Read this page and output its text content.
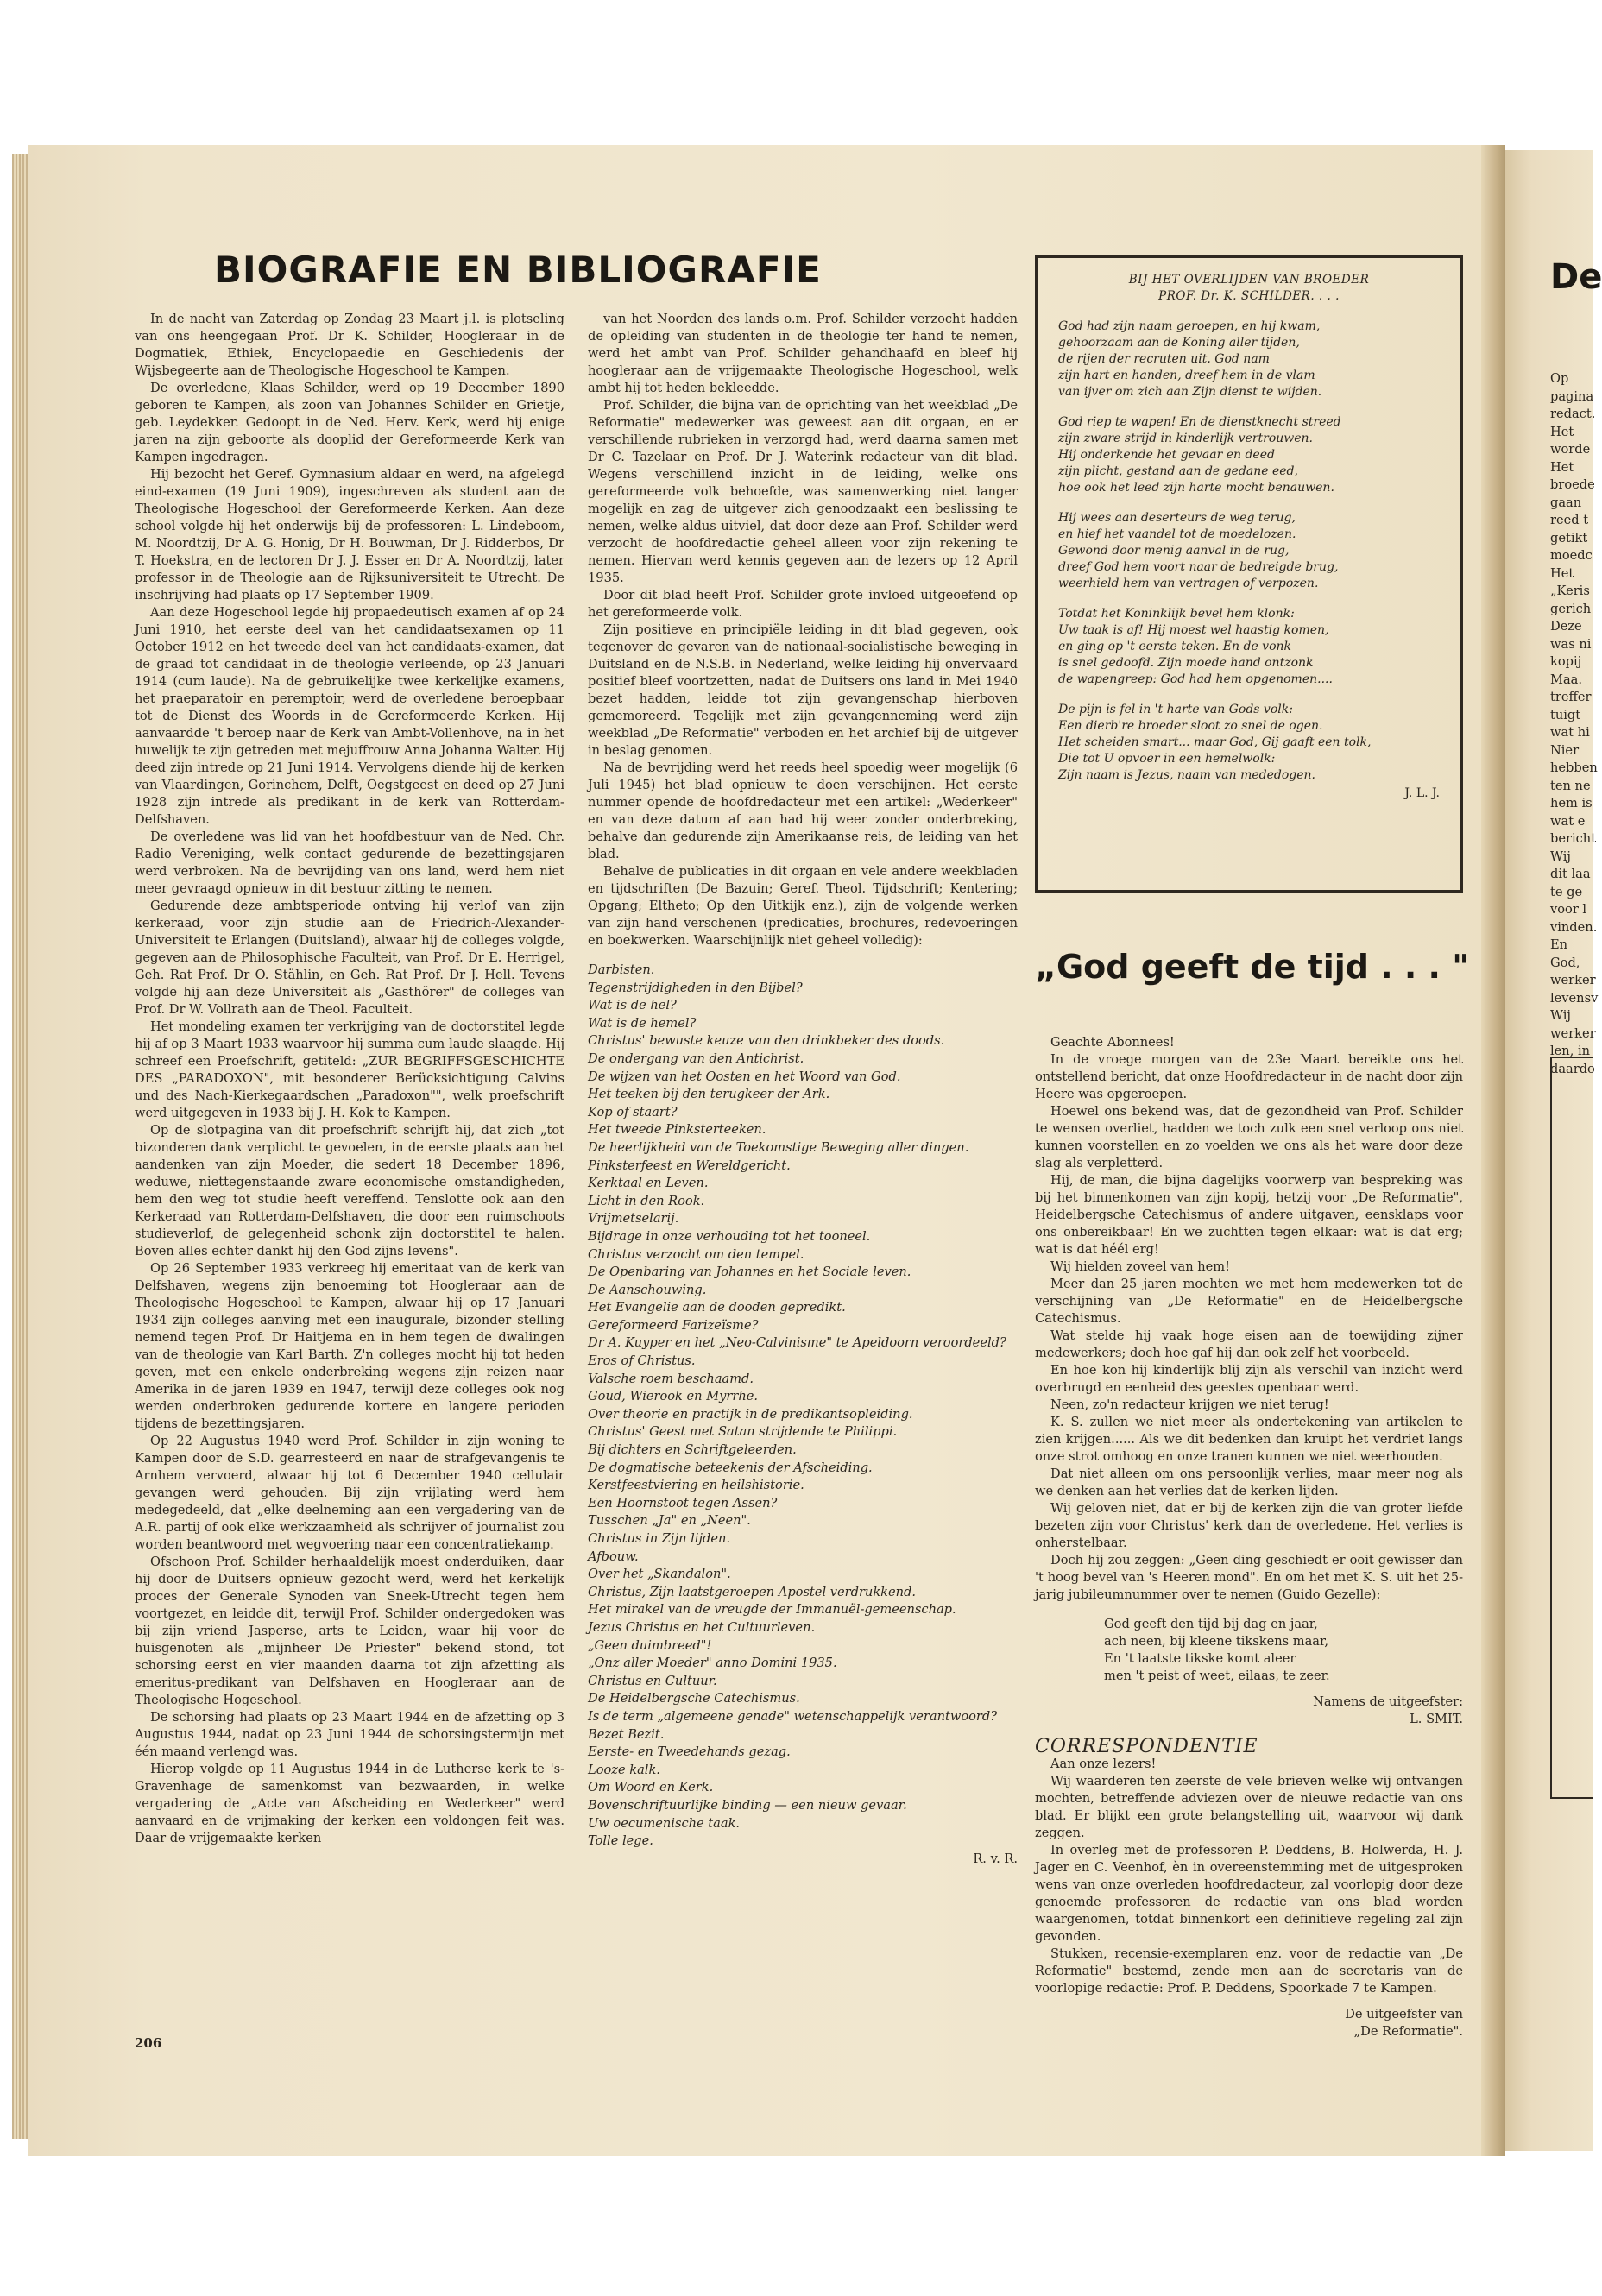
BIOGRAFIE EN BIBLIOGRAFIE

In de nacht van Zaterdag op Zondag 23 Maart j.l. is plotseling van ons heengegaan Prof. Dr K. Schilder, Hoogleraar in de Dogmatiek, Ethiek, Encyclopaedie en Geschiedenis der Wijsbegeerte aan de Theologische Hogeschool te Kampen.

De overledene, Klaas Schilder, werd op 19 December 1890 geboren te Kampen, als zoon van Johannes Schilder en Grietje, geb. Leydekker. Gedoopt in de Ned. Herv. Kerk, werd hij enige jaren na zijn geboorte als dooplid der Gereformeerde Kerk van Kampen ingedragen.

Hij bezocht het Geref. Gymnasium aldaar en werd, na afgelegd eind-examen (19 Juni 1909), ingeschreven als student aan de Theologische Hogeschool der Gereformeerde Kerken. Aan deze school volgde hij het onderwijs bij de professoren: L. Lindeboom, M. Noordtzij, Dr A. G. Honig, Dr H. Bouwman, Dr J. Ridderbos, Dr T. Hoekstra, en de lectoren Dr J. J. Esser en Dr A. Noordtzij, later professor in de Theologie aan de Rijksuniversiteit te Utrecht. De inschrijving had plaats op 17 September 1909.

Aan deze Hogeschool legde hij propaedeutisch examen af op 24 Juni 1910, het eerste deel van het candidaatsexamen op 11 October 1912 en het tweede deel van het candidaats-examen, dat de graad tot candidaat in de theologie verleende, op 23 Januari 1914 (cum laude). Na de gebruikelijke twee kerkelijke examens, het praeparatoir en peremptoir, werd de overledene beroepbaar tot de Dienst des Woords in de Gereformeerde Kerken. Hij aanvaardde 't beroep naar de Kerk van Ambt-Vollenhove, na in het huwelijk te zijn getreden met mejuffrouw Anna Johanna Walter. Hij deed zijn intrede op 21 Juni 1914. Vervolgens diende hij de kerken van Vlaardingen, Gorinchem, Delft, Oegstgeest en deed op 27 Juni 1928 zijn intrede als predikant in de kerk van Rotterdam-Delfshaven.

De overledene was lid van het hoofdbestuur van de Ned. Chr. Radio Vereniging, welk contact gedurende de bezettingsjaren werd verbroken. Na de bevrijding van ons land, werd hem niet meer gevraagd opnieuw in dit bestuur zitting te nemen.

Gedurende deze ambtsperiode ontving hij verlof van zijn kerkeraad, voor zijn studie aan de Friedrich-Alexander-Universiteit te Erlangen (Duitsland), alwaar hij de colleges volgde, gegeven aan de Philosophische Faculteit, van Prof. Dr E. Herrigel, Geh. Rat Prof. Dr O. Stählin, en Geh. Rat Prof. Dr J. Hell. Tevens volgde hij aan deze Universiteit als „Gasthörer" de colleges van Prof. Dr W. Vollrath aan de Theol. Faculteit.

Het mondeling examen ter verkrijging van de doctorstitel legde hij af op 3 Maart 1933 waarvoor hij summa cum laude slaagde. Hij schreef een Proefschrift, getiteld: „ZUR BEGRIFFSGESCHICHTE DES „PARADOXON", mit besonderer Berücksichtigung Calvins und des Nach-Kierkegaardschen „Paradoxon"", welk proefschrift werd uitgegeven in 1933 bij J. H. Kok te Kampen.

Op de slotpagina van dit proefschrift schrijft hij, dat zich „tot bizonderen dank verplicht te gevoelen, in de eerste plaats aan het aandenken van zijn Moeder, die sedert 18 December 1896, weduwe, niettegenstaande zware economische omstandigheden, hem den weg tot studie heeft vereffend. Tenslotte ook aan den Kerkeraad van Rotterdam-Delfshaven, die door een ruimschoots studieverlof, de gelegenheid schonk zijn doctorstitel te halen. Boven alles echter dankt hij den God zijns levens".

Op 26 September 1933 verkreeg hij emeritaat van de kerk van Delfshaven, wegens zijn benoeming tot Hoogleraar aan de Theologische Hogeschool te Kampen, alwaar hij op 17 Januari 1934 zijn colleges aanving met een inaugurale, bizonder stelling nemend tegen Prof. Dr Haitjema en in hem tegen de dwalingen van de theologie van Karl Barth. Z'n colleges mocht hij tot heden geven, met een enkele onderbreking wegens zijn reizen naar Amerika in de jaren 1939 en 1947, terwijl deze colleges ook nog werden onderbroken gedurende kortere en langere perioden tijdens de bezettingsjaren.

Op 22 Augustus 1940 werd Prof. Schilder in zijn woning te Kampen door de S.D. gearresteerd en naar de strafgevangenis te Arnhem vervoerd, alwaar hij tot 6 December 1940 cellulair gevangen werd gehouden. Bij zijn vrijlating werd hem medegedeeld, dat „elke deelneming aan een vergadering van de A.R. partij of ook elke werkzaamheid als schrijver of journalist zou worden beantwoord met wegvoering naar een concentratiekamp.

Ofschoon Prof. Schilder herhaaldelijk moest onderduiken, daar hij door de Duitsers opnieuw gezocht werd, werd het kerkelijk proces der Generale Synoden van Sneek-Utrecht tegen hem voortgezet, en leidde dit, terwijl Prof. Schilder ondergedoken was bij zijn vriend Jasperse, arts te Leiden, waar hij voor de huisgenoten als „mijnheer De Priester" bekend stond, tot schorsing eerst en vier maanden daarna tot zijn afzetting als emeritus-predikant van Delfshaven en Hoogleraar aan de Theologische Hogeschool.

De schorsing had plaats op 23 Maart 1944 en de afzetting op 3 Augustus 1944, nadat op 23 Juni 1944 de schorsingstermijn met één maand verlengd was.

Hierop volgde op 11 Augustus 1944 in de Lutherse kerk te 's-Gravenhage de samenkomst van bezwaarden, in welke vergadering de „Acte van Afscheiding en Wederkeer" werd aanvaard en de vrijmaking der kerken een voldongen feit was. Daar de vrijgemaakte kerken

van het Noorden des lands o.m. Prof. Schilder verzocht hadden de opleiding van studenten in de theologie ter hand te nemen, werd het ambt van Prof. Schilder gehandhaafd en bleef hij hoogleraar aan de vrijgemaakte Theologische Hogeschool, welk ambt hij tot heden bekleedde.

Prof. Schilder, die bijna van de oprichting van het weekblad „De Reformatie" medewerker was geweest aan dit orgaan, en er verschillende rubrieken in verzorgd had, werd daarna samen met Dr C. Tazelaar en Prof. Dr J. Waterink redacteur van dit blad. Wegens verschillend inzicht in de leiding, welke ons gereformeerde volk behoefde, was samenwerking niet langer mogelijk en zag de uitgever zich genoodzaakt een beslissing te nemen, welke aldus uitviel, dat door deze aan Prof. Schilder werd verzocht de hoofdredactie geheel alleen voor zijn rekening te nemen. Hiervan werd kennis gegeven aan de lezers op 12 April 1935.

Door dit blad heeft Prof. Schilder grote invloed uitgeoefend op het gereformeerde volk.

Zijn positieve en principiële leiding in dit blad gegeven, ook tegenover de gevaren van de nationaal-socialistische beweging in Duitsland en de N.S.B. in Nederland, welke leiding hij onvervaard positief bleef voortzetten, nadat de Duitsers ons land in Mei 1940 bezet hadden, leidde tot zijn gevangenschap hierboven gememoreerd. Tegelijk met zijn gevangenneming werd zijn weekblad „De Reformatie" verboden en het archief bij de uitgever in beslag genomen.

Na de bevrijding werd het reeds heel spoedig weer mogelijk (6 Juli 1945) het blad opnieuw te doen verschijnen. Het eerste nummer opende de hoofdredacteur met een artikel: „Wederkeer" en van deze datum af aan had hij weer zonder onderbreking, behalve dan gedurende zijn Amerikaanse reis, de leiding van het blad.

Behalve de publicaties in dit orgaan en vele andere weekbladen en tijdschriften (De Bazuin; Geref. Theol. Tijdschrift; Kentering; Opgang; Eltheto; Op den Uitkijk enz.), zijn de volgende werken van zijn hand verschenen (predicaties, brochures, redevoeringen en boekwerken. Waarschijnlijk niet geheel volledig):

Darbisten.
Tegenstrijdigheden in den Bijbel?
Wat is de hel?
Wat is de hemel?
Christus' bewuste keuze van den drinkbeker des doods.
De ondergang van den Antichrist.
De wijzen van het Oosten en het Woord van God.
Het teeken bij den terugkeer der Ark.
Kop of staart?
Het tweede Pinksterteeken.
De heerlijkheid van de Toekomstige Beweging aller dingen.
Pinksterfeest en Wereldgericht.
Kerktaal en Leven.
Licht in den Rook.
Vrijmetselarij.
Bijdrage in onze verhouding tot het tooneel.
Christus verzocht om den tempel.
De Openbaring van Johannes en het Sociale leven.
De Aanschouwing.
Het Evangelie aan de dooden gepredikt.
Gereformeerd Farizeïsme?
Dr A. Kuyper en het „Neo-Calvinisme" te Apeldoorn veroordeeld?
Eros of Christus.
Valsche roem beschaamd.
Goud, Wierook en Myrrhe.
Over theorie en practijk in de predikantsopleiding.
Christus' Geest met Satan strijdende te Philippi.
Bij dichters en Schriftgeleerden.
De dogmatische beteekenis der Afscheiding.
Kerstfeestviering en heilshistorie.
Een Hoornstoot tegen Assen?
Tusschen „Ja" en „Neen".
Christus in Zijn lijden.
Afbouw.
Over het „Skandalon".
Christus, Zijn laatstgeroepen Apostel verdrukkend.
Het mirakel van de vreugde der Immanuël-gemeenschap.
Jezus Christus en het Cultuurleven.
„Geen duimbreed"!
„Onz aller Moeder" anno Domini 1935.
Christus en Cultuur.
De Heidelbergsche Catechismus.
Is de term „algemeene genade" wetenschappelijk verantwoord?
Bezet Bezit.
Eerste- en Tweedehands gezag.
Looze kalk.
Om Woord en Kerk.
Bovenschriftuurlijke binding — een nieuw gevaar.
Uw oecumenische taak.
Tolle lege.
R. v. R.
BIJ HET OVERLIJDEN VAN BROEDER
PROF. Dr. K. SCHILDER. . . .
God had zijn naam geroepen, en hij kwam,
gehoorzaam aan de Koning aller tijden,
de rijen der recruten uit. God nam
zijn hart en handen, dreef hem in de vlam
van ijver om zich aan Zijn dienst te wijden.
God riep te wapen! En de dienstknecht streed
zijn zware strijd in kinderlijk vertrouwen.
Hij onderkende het gevaar en deed
zijn plicht, gestand aan de gedane eed,
hoe ook het leed zijn harte mocht benauwen.
Hij wees aan deserteurs de weg terug,
en hief het vaandel tot de moedelozen.
Gewond door menig aanval in de rug,
dreef God hem voort naar de bedreigde brug,
weerhield hem van vertragen of verpozen.
Totdat het Koninklijk bevel hem klonk:
Uw taak is af! Hij moest wel haastig komen,
en ging op 't eerste teken. En de vonk
is snel gedoofd. Zijn moede hand ontzonk
de wapengreep: God had hem opgenomen....
De pijn is fel in 't harte van Gods volk:
Een dierb're broeder sloot zo snel de ogen.
Het scheiden smart... maar God, Gij gaaft een tolk,
Die tot U opvoer in een hemelwolk:
Zijn naam is Jezus, naam van mededogen.
J. L. J.
„God geeft de tijd . . . "

Geachte Abonnees!

In de vroege morgen van de 23e Maart bereikte ons het ontstellend bericht, dat onze Hoofdredacteur in de nacht door zijn Heere was opgeroepen.

Hoewel ons bekend was, dat de gezondheid van Prof. Schilder te wensen overliet, hadden we toch zulk een snel verloop ons niet kunnen voorstellen en zo voelden we ons als het ware door deze slag als verpletterd.

Hij, de man, die bijna dagelijks voorwerp van bespreking was bij het binnenkomen van zijn kopij, hetzij voor „De Reformatie", Heidelbergsche Catechismus of andere uitgaven, eensklaps voor ons onbereikbaar! En we zuchtten tegen elkaar: wat is dat erg; wat is dat héél erg!

Wij hielden zoveel van hem!

Meer dan 25 jaren mochten we met hem medewerken tot de verschijning van „De Reformatie" en de Heidelbergsche Catechismus.

Wat stelde hij vaak hoge eisen aan de toewijding zijner medewerkers; doch hoe gaf hij dan ook zelf het voorbeeld.

En hoe kon hij kinderlijk blij zijn als verschil van inzicht werd overbrugd en eenheid des geestes openbaar werd.

Neen, zo'n redacteur krijgen we niet terug!

K. S. zullen we niet meer als ondertekening van artikelen te zien krijgen...... Als we dit bedenken dan kruipt het verdriet langs onze strot omhoog en onze tranen kunnen we niet weerhouden.

Dat niet alleen om ons persoonlijk verlies, maar meer nog als we denken aan het verlies dat de kerken lijden.

Wij geloven niet, dat er bij de kerken zijn die van groter liefde bezeten zijn voor Christus' kerk dan de overledene. Het verlies is onherstelbaar.

Doch hij zou zeggen: „Geen ding geschiedt er ooit gewisser dan 't hoog bevel van 's Heeren mond". En om het met K. S. uit het 25-jarig jubileumnummer over te nemen (Guido Gezelle):

God geeft den tijd bij dag en jaar,
ach neen, bij kleene tikskens maar,
En 't laatste tikske komt aleer
men 't peist of weet, eilaas, te zeer.
Namens de uitgeefster:
L. SMIT.
CORRESPONDENTIE

Aan onze lezers!

Wij waarderen ten zeerste de vele brieven welke wij ontvangen mochten, betreffende adviezen over de nieuwe redactie van ons blad. Er blijkt een grote belangstelling uit, waarvoor wij dank zeggen.

In overleg met de professoren P. Deddens, B. Holwerda, H. J. Jager en C. Veenhof, èn in overeenstemming met de uitgesproken wens van onze overleden hoofdredacteur, zal voorlopig door deze genoemde professoren de redactie van ons blad worden waargenomen, totdat binnenkort een definitieve regeling zal zijn gevonden.

Stukken, recensie-exemplaren enz. voor de redactie van „De Reformatie" bestemd, zende men aan de secretaris van de voorlopige redactie: Prof. P. Deddens, Spoorkade 7 te Kampen.

De uitgeefster van
„De Reformatie".
206
De
Op
pagina
redact.
Het
worde
Het
broede
gaan
reed t
getikt
moedc
Het
„Keris
gerich
Deze
was ni
kopij
Maa.
treffer
tuigt
wat hi
Nier
hebben
ten ne
hem is
wat e
bericht
Wij
dit laa
te ge
voor l
vinden.
En
God,
werker
levensv
Wij
werker
len, in
daardo
